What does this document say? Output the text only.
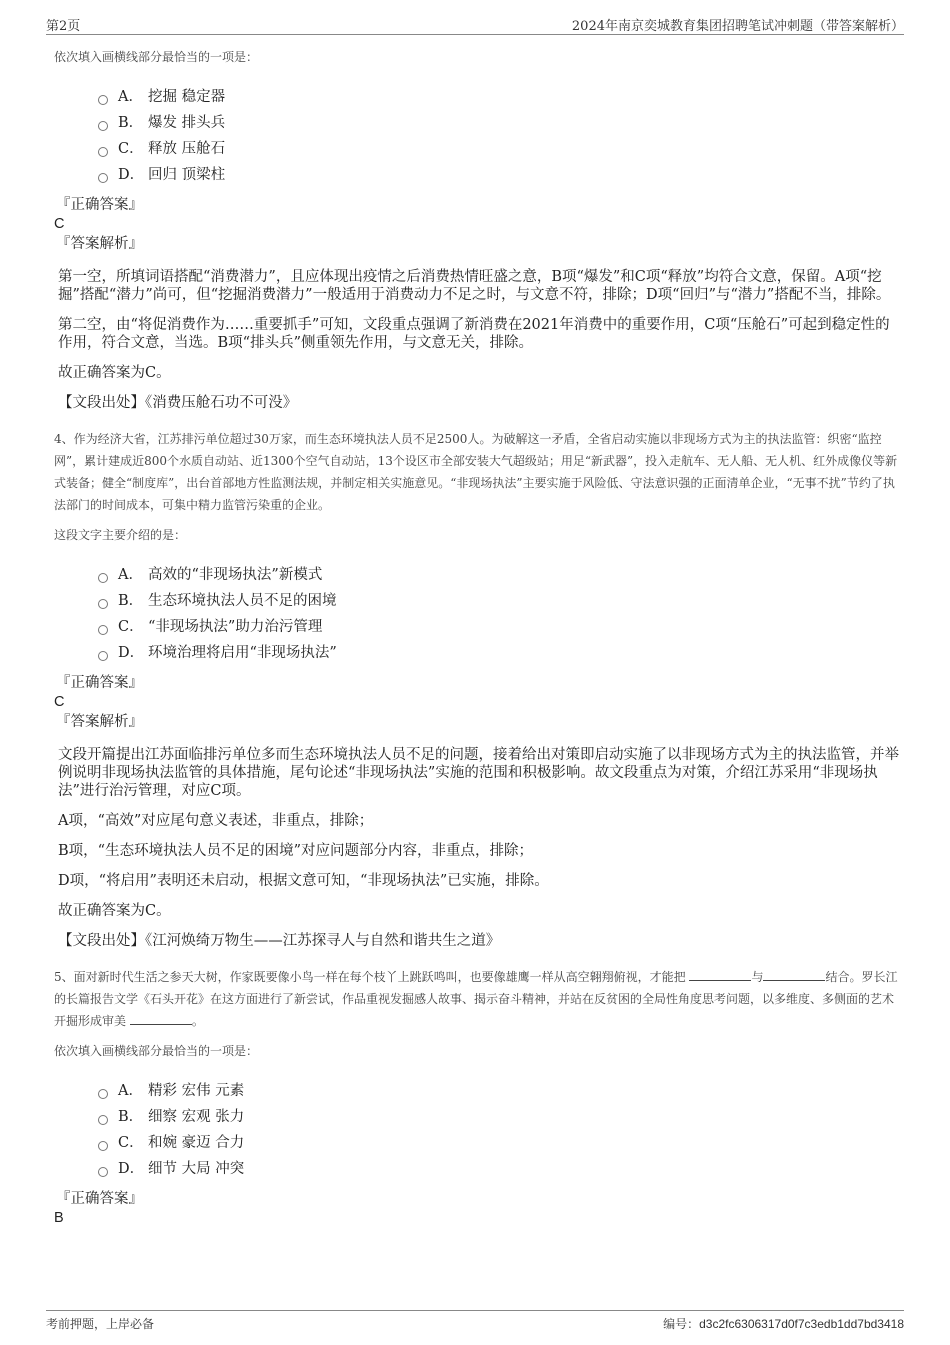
第2页	2024年南京奕城教育集团招聘笔试冲刺题（带答案解析）
依次填入画横线部分最恰当的一项是：
A． 挖掘 稳定器
B． 爆发 排头兵
C． 释放 压舱石
D． 回归 顶梁柱
『正确答案』
C
『答案解析』
第一空，所填词语搭配“消费潜力”，且应体现出疫情之后消费热情旺盛之意，B项“爆发”和C项“释放”均符合文意，保留。A项“挖掘”搭配“潜力”尚可，但“挖掘消费潜力”一般适用于消费动力不足之时，与文意不符，排除；D项“回归”与“潜力”搭配不当，排除。
第二空，由“将促消费作为……重要抓手”可知，文段重点强调了新消费在2021年消费中的重要作用，C项“压舱石”可起到稳定性的作用，符合文意，当选。B项“排头兵”侧重领先作用，与文意无关，排除。
故正确答案为C。
【文段出处】《消费压舱石功不可没》
4、作为经济大省，江苏排污单位超过30万家，而生态环境执法人员不足2500人。为破解这一矛盾，全省启动实施以非现场方式为主的执法监管：织密“监控网”，累计建成近800个水质自动站、近1300个空气自动站，13个设区市全部安装大气超级站；用足“新武器”，投入走航车、无人船、无人机、红外成像仪等新式装备；健全“制度库”，出台首部地方性监测法规，并制定相关实施意见。“非现场执法”主要实施于风险低、守法意识强的正面清单企业，“无事不扰”节约了执法部门的时间成本，可集中精力监管污染重的企业。
这段文字主要介绍的是：
A． 高效的“非现场执法”新模式
B． 生态环境执法人员不足的困境
C． “非现场执法”助力治污管理
D． 环境治理将启用“非现场执法”
『正确答案』
C
『答案解析』
文段开篇提出江苏面临排污单位多而生态环境执法人员不足的问题，接着给出对策即启动实施了以非现场方式为主的执法监管，并举例说明非现场执法监管的具体措施，尾句论述“非现场执法”实施的范围和积极影响。故文段重点为对策，介绍江苏采用“非现场执法”进行治污管理，对应C项。
A项，“高效”对应尾句意义表述，非重点，排除；
B项，“生态环境执法人员不足的困境”对应问题部分内容，非重点，排除；
D项，“将启用”表明还未启动，根据文意可知，“非现场执法”已实施，排除。
故正确答案为C。
【文段出处】《江河焕绮万物生——江苏探寻人与自然和谐共生之道》
5、面对新时代生活之参天大树，作家既要像小鸟一样在每个枝丫上跳跃鸣叫，也要像雄鹰一样从高空翱翔俯视，才能把	与	结合。罗长江的长篇报告文学《石头开花》在这方面进行了新尝试，作品重视发掘感人故事、揭示奋斗精神，并站在反贫困的全局性角度思考问题，以多维度、多侧面的艺术开掘形成审美	。
依次填入画横线部分最恰当的一项是：
A． 精彩 宏伟 元素
B． 细察 宏观 张力
C． 和婉 豪迈 合力
D． 细节 大局 冲突
『正确答案』
B
考前押题，上岸必备	编号：d3c2fc6306317d0f7c3edb1dd7bd3418
